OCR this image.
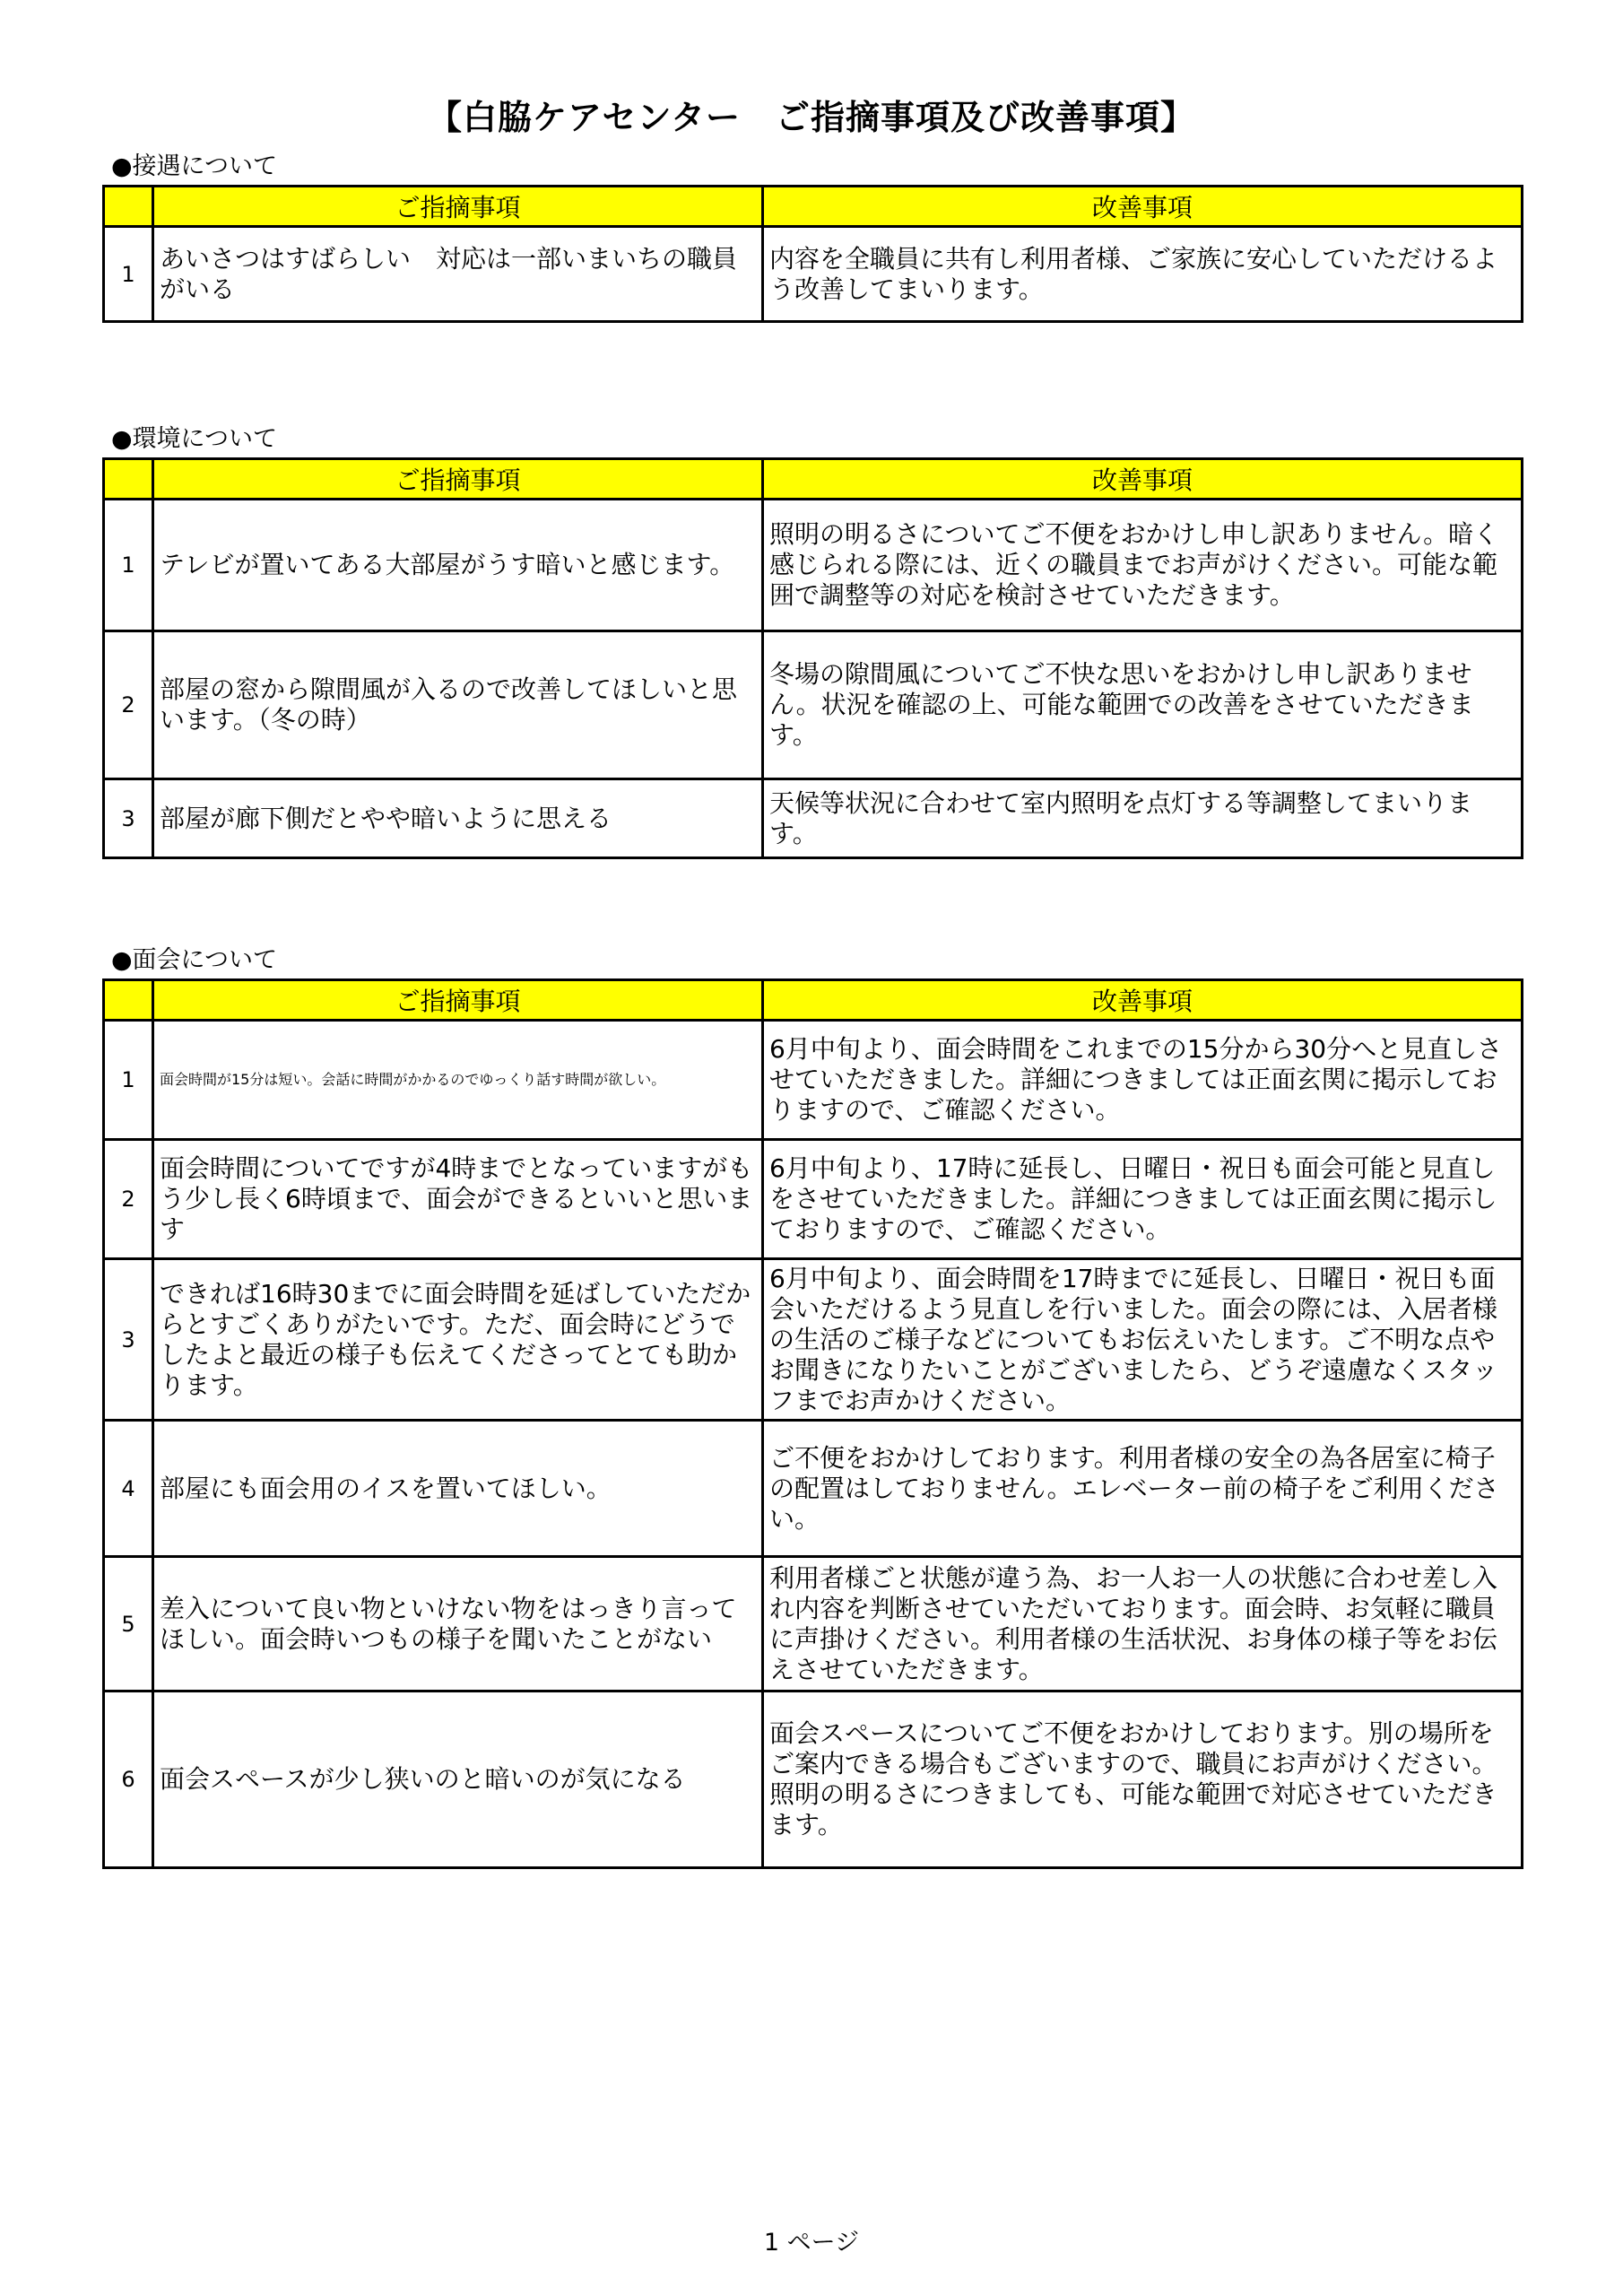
【白脇ケアセンター　ご指摘事項及び改善事項】
●接遇について
	ご指摘事項	改善事項
1	あいさつはすばらしい　対応は一部いまいちの職員がいる	内容を全職員に共有し利用者様、ご家族に安心していただけるよう改善してまいります。
●環境について
	ご指摘事項	改善事項
1	テレビが置いてある大部屋がうす暗いと感じます。	照明の明るさについてご不便をおかけし申し訳ありません。暗く感じられる際には、近くの職員までお声がけください。可能な範囲で調整等の対応を検討させていただきます。
2	部屋の窓から隙間風が入るので改善してほしいと思います。（冬の時）	冬場の隙間風についてご不快な思いをおかけし申し訳ありません。状況を確認の上、可能な範囲での改善をさせていただきます。
3	部屋が廊下側だとやや暗いように思える	天候等状況に合わせて室内照明を点灯する等調整してまいります。
●面会について
	ご指摘事項	改善事項
1	面会時間が15分は短い。会話に時間がかかるのでゆっくり話す時間が欲しい。	6月中旬より、面会時間をこれまでの15分から30分へと見直しさせていただきました。詳細につきましては正面玄関に掲示しておりますので、ご確認ください。
2	面会時間についてですが4時までとなっていますがもう少し長く6時頃まで、面会ができるといいと思います	6月中旬より、17時に延長し、日曜日・祝日も面会可能と見直しをさせていただきました。詳細につきましては正面玄関に掲示しておりますので、ご確認ください。
3	できれば16時30までに面会時間を延ばしていただからとすごくありがたいです。ただ、面会時にどうでしたよと最近の様子も伝えてくださってとても助かります。	6月中旬より、面会時間を17時までに延長し、日曜日・祝日も面会いただけるよう見直しを行いました。面会の際には、入居者様の生活のご様子などについてもお伝えいたします。ご不明な点やお聞きになりたいことがございましたら、どうぞ遠慮なくスタッフまでお声かけください。
4	部屋にも面会用のイスを置いてほしい。	ご不便をおかけしております。利用者様の安全の為各居室に椅子の配置はしておりません。エレベーター前の椅子をご利用ください。
5	差入について良い物といけない物をはっきり言ってほしい。面会時いつもの様子を聞いたことがない	利用者様ごと状態が違う為、お一人お一人の状態に合わせ差し入れ内容を判断させていただいております。面会時、お気軽に職員に声掛けください。利用者様の生活状況、お身体の様子等をお伝えさせていただきます。
6	面会スペースが少し狭いのと暗いのが気になる	面会スペースについてご不便をおかけしております。別の場所をご案内できる場合もございますので、職員にお声がけください。照明の明るさにつきましても、可能な範囲で対応させていただきます。
1 ページ
